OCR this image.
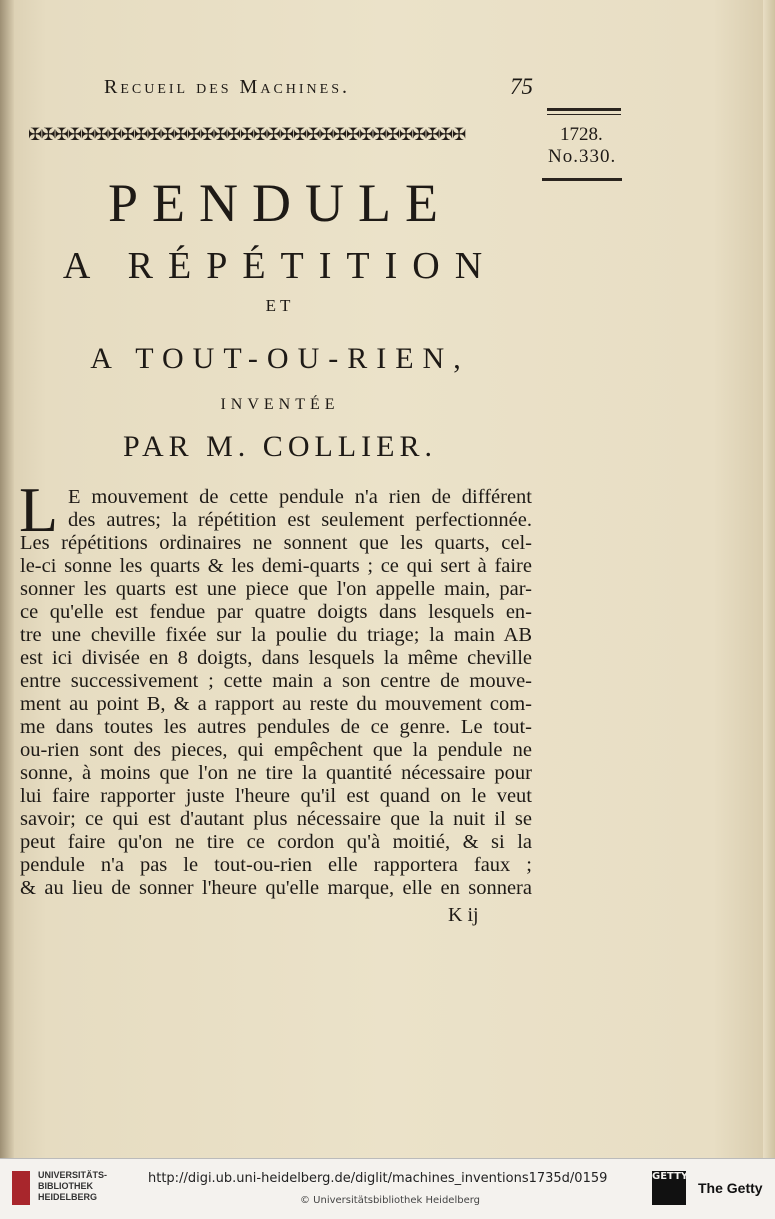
Recueil des Machines.	75
1728.
No.330.
✠✠✠✠✠✠✠✠✠✠✠✠✠✠✠✠✠✠✠✠✠✠✠✠✠✠✠✠✠✠✠✠✠
PENDULE
A RÉPÉTITION
ET
A TOUT-OU-RIEN,
INVENTÉE
PAR M. COLLIER.
L E mouvement de cette pendule n'a rien de différent
des autres; la répétition est seulement perfectionnée.
Les répétitions ordinaires ne sonnent que les quarts, cel-
le-ci sonne les quarts & les demi-quarts ; ce qui sert à faire
sonner les quarts est une piece que l'on appelle main, par-
ce qu'elle est fendue par quatre doigts dans lesquels en-
tre une cheville fixée sur la poulie du triage; la main AB
est ici divisée en 8 doigts, dans lesquels la même cheville
entre successivement ; cette main a son centre de mouve-
ment au point B, & a rapport au reste du mouvement com-
me dans toutes les autres pendules de ce genre. Le tout-
ou-rien sont des pieces, qui empêchent que la pendule ne
sonne, à moins que l'on ne tire la quantité nécessaire pour
lui faire rapporter juste l'heure qu'il est quand on le veut
savoir; ce qui est d'autant plus nécessaire que la nuit il se
peut faire qu'on ne tire ce cordon qu'à moitié, & si la
pendule n'a pas le tout-ou-rien elle rapportera faux ;
& au lieu de sonner l'heure qu'elle marque, elle en sonnera
K ij
UNIVERSITÄTS-
BIBLIOTHEK
HEIDELBERG
http://digi.ub.uni-heidelberg.de/diglit/machines_inventions1735d/0159
© Universitätsbibliothek Heidelberg
GETTY
The Getty
